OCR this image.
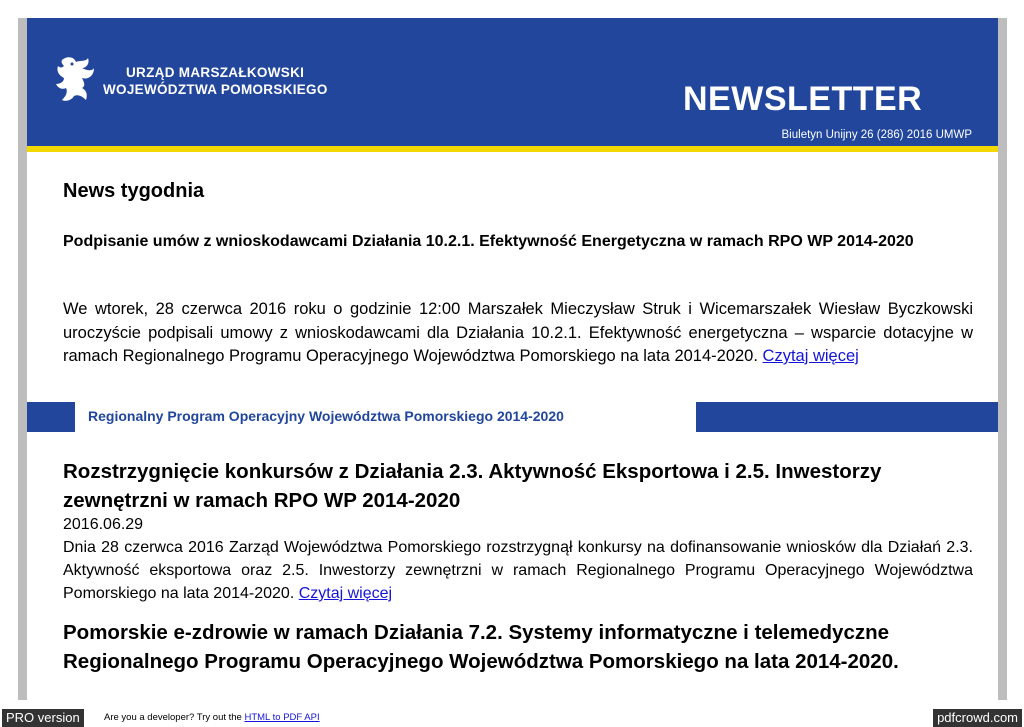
URZĄD MARSZAŁKOWSKI
WOJEWÓDZTWA POMORSKIEGO	NEWSLETTER
Biuletyn Unijny 26 (286) 2016 UMWP
News tygodnia
Podpisanie umów z wnioskodawcami Działania 10.2.1. Efektywność Energetyczna w ramach RPO WP 2014-2020
We wtorek, 28 czerwca 2016 roku o godzinie 12:00 Marszałek Mieczysław Struk i Wicemarszałek Wiesław Byczkowski uroczyście podpisali umowy z wnioskodawcami dla Działania 10.2.1. Efektywność energetyczna – wsparcie dotacyjne w ramach Regionalnego Programu Operacyjnego Województwa Pomorskiego na lata 2014-2020. Czytaj więcej
Regionalny Program Operacyjny Województwa Pomorskiego 2014-2020
Rozstrzygnięcie konkursów z Działania 2.3. Aktywność Eksportowa i 2.5. Inwestorzy zewnętrzni w ramach RPO WP 2014-2020
2016.06.29
Dnia 28 czerwca 2016 Zarząd Województwa Pomorskiego rozstrzygnął konkursy na dofinansowanie wniosków dla Działań 2.3. Aktywność eksportowa oraz 2.5. Inwestorzy zewnętrzni w ramach Regionalnego Programu Operacyjnego Województwa Pomorskiego na lata 2014-2020. Czytaj więcej
Pomorskie e-zdrowie w ramach Działania 7.2. Systemy informatyczne i telemedyczne Regionalnego Programu Operacyjnego Województwa Pomorskiego na lata 2014-2020.
PRO version	Are you a developer? Try out the HTML to PDF API	pdfcrowd.com
